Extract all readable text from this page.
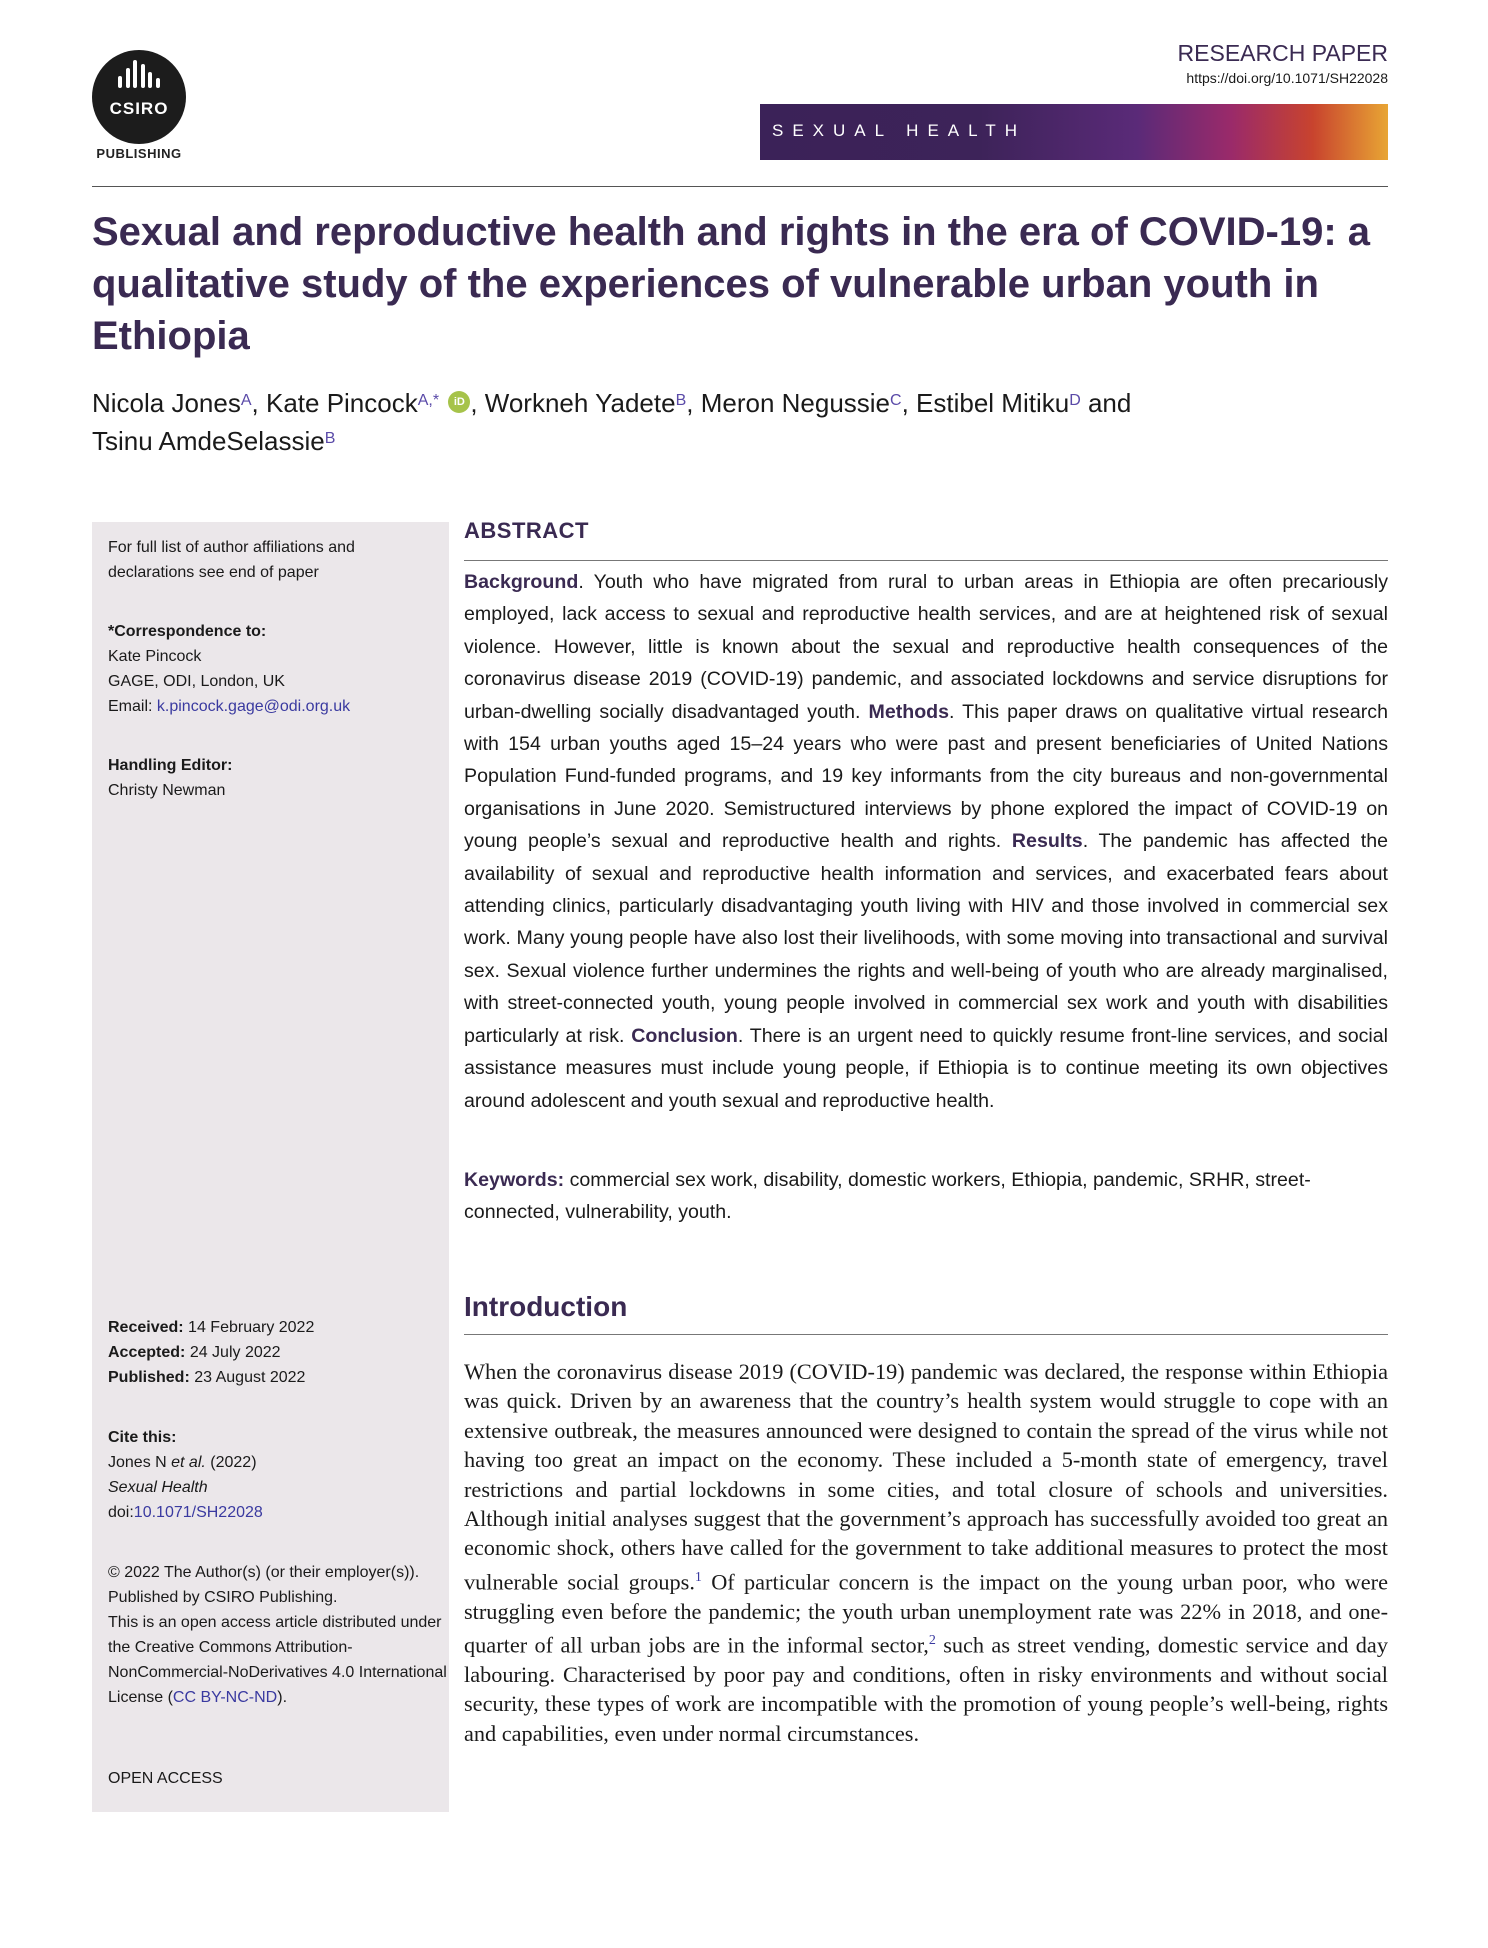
CSIRO
PUBLISHING
RESEARCH PAPER
https://doi.org/10.1071/SH22028
SEXUAL HEALTH
Sexual and reproductive health and rights in the era of COVID-19: a qualitative study of the experiences of vulnerable urban youth in Ethiopia
Nicola Jones$^A$, Kate Pincock$^{A,*}$ iD , Workneh Yadete$^B$, Meron Negussie$^C$, Estibel Mitiku$^D$ and
Tsinu AmdeSelassie$^B$
For full list of author affiliations and declarations see end of paper
*Correspondence to:
Kate Pincock
GAGE, ODI, London, UK
Email: k.pincock.gage@odi.org.uk
Handling Editor:
Christy Newman
Received: 14 February 2022
Accepted: 24 July 2022
Published: 23 August 2022
Cite this:
Jones N et al. (2022)
Sexual Health
doi:10.1071/SH22028
© 2022 The Author(s) (or their employer(s)). Published by CSIRO Publishing.
This is an open access article distributed under the Creative Commons Attribution-NonCommercial-NoDerivatives 4.0 International License (CC BY-NC-ND).
OPEN ACCESS
ABSTRACT

Background. Youth who have migrated from rural to urban areas in Ethiopia are often precariously employed, lack access to sexual and reproductive health services, and are at heightened risk of sexual violence. However, little is known about the sexual and reproductive health consequences of the coronavirus disease 2019 (COVID-19) pandemic, and associated lockdowns and service disruptions for urban-dwelling socially disadvantaged youth. Methods. This paper draws on qualitative virtual research with 154 urban youths aged 15–24 years who were past and present beneficiaries of United Nations Population Fund-funded programs, and 19 key informants from the city bureaus and non-governmental organisations in June 2020. Semistructured interviews by phone explored the impact of COVID-19 on young people’s sexual and reproductive health and rights. Results. The pandemic has affected the availability of sexual and reproductive health information and services, and exacerbated fears about attending clinics, particularly disadvantaging youth living with HIV and those involved in commercial sex work. Many young people have also lost their livelihoods, with some moving into transactional and survival sex. Sexual violence further undermines the rights and well-being of youth who are already marginalised, with street-connected youth, young people involved in commercial sex work and youth with disabilities particularly at risk. Conclusion. There is an urgent need to quickly resume front-line services, and social assistance measures must include young people, if Ethiopia is to continue meeting its own objectives around adolescent and youth sexual and reproductive health.

Keywords: commercial sex work, disability, domestic workers, Ethiopia, pandemic, SRHR, street-connected, vulnerability, youth.

Introduction

When the coronavirus disease 2019 (COVID-19) pandemic was declared, the response within Ethiopia was quick. Driven by an awareness that the country’s health system would struggle to cope with an extensive outbreak, the measures announced were designed to contain the spread of the virus while not having too great an impact on the economy. These included a 5-month state of emergency, travel restrictions and partial lockdowns in some cities, and total closure of schools and universities. Although initial analyses suggest that the government’s approach has successfully avoided too great an economic shock, others have called for the government to take additional measures to protect the most vulnerable social groups.$^1$ Of particular concern is the impact on the young urban poor, who were struggling even before the pandemic; the youth urban unemployment rate was 22% in 2018, and one-quarter of all urban jobs are in the informal sector,$^2$ such as street vending, domestic service and day labouring. Characterised by poor pay and conditions, often in risky environments and without social security, these types of work are incompatible with the promotion of young people’s well-being, rights and capabilities, even under normal circumstances.
